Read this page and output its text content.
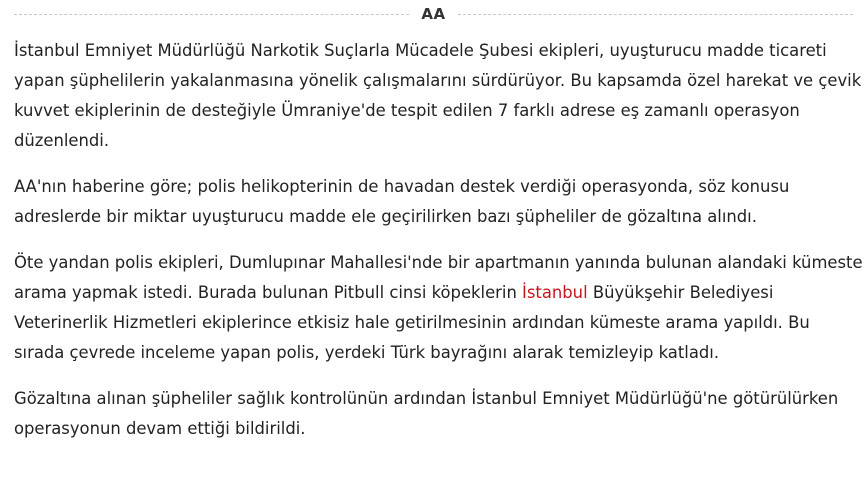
AA

İstanbul Emniyet Müdürlüğü Narkotik Suçlarla Mücadele Şubesi ekipleri, uyuşturucu madde ticareti yapan şüphelilerin yakalanmasına yönelik çalışmalarını sürdürüyor. Bu kapsamda özel harekat ve çevik kuvvet ekiplerinin de desteğiyle Ümraniye'de tespit edilen 7 farklı adrese eş zamanlı operasyon düzenlendi.

AA'nın haberine göre; polis helikopterinin de havadan destek verdiği operasyonda, söz konusu adreslerde bir miktar uyuşturucu madde ele geçirilirken bazı şüpheliler de gözaltına alındı.

Öte yandan polis ekipleri, Dumlupınar Mahallesi'nde bir apartmanın yanında bulunan alandaki kümeste arama yapmak istedi. Burada bulunan Pitbull cinsi köpeklerin İstanbul Büyükşehir Belediyesi Veterinerlik Hizmetleri ekiplerince etkisiz hale getirilmesinin ardından kümeste arama yapıldı. Bu sırada çevrede inceleme yapan polis, yerdeki Türk bayrağını alarak temizleyip katladı.

Gözaltına alınan şüpheliler sağlık kontrolünün ardından İstanbul Emniyet Müdürlüğü'ne götürülürken operasyonun devam ettiği bildirildi.
